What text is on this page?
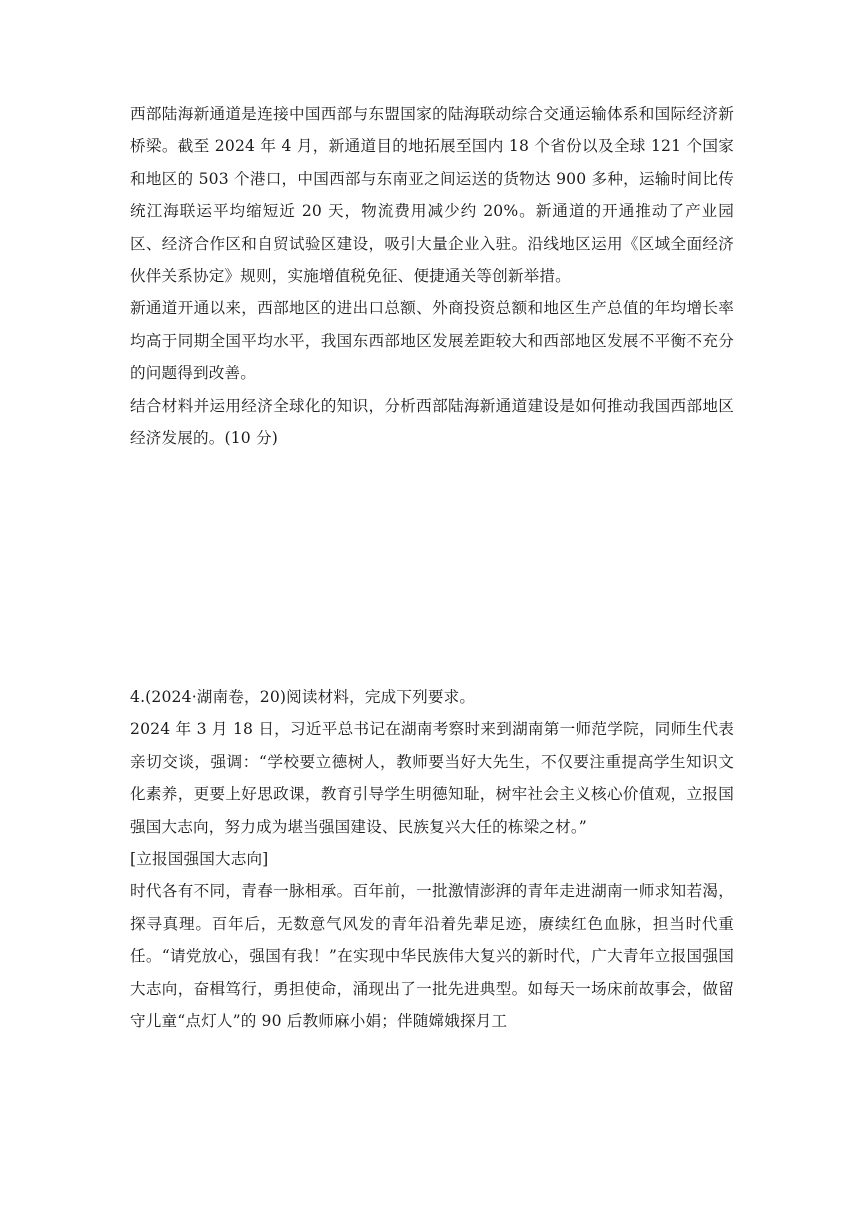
西部陆海新通道是连接中国西部与东盟国家的陆海联动综合交通运输体系和国际经济新桥梁。截至 2024 年 4 月，新通道目的地拓展至国内 18 个省份以及全球 121 个国家和地区的 503 个港口，中国西部与东南亚之间运送的货物达 900 多种，运输时间比传统江海联运平均缩短近 20 天，物流费用减少约 20%。新通道的开通推动了产业园区、经济合作区和自贸试验区建设，吸引大量企业入驻。沿线地区运用《区域全面经济伙伴关系协定》规则，实施增值税免征、便捷通关等创新举措。

新通道开通以来，西部地区的进出口总额、外商投资总额和地区生产总值的年均增长率均高于同期全国平均水平，我国东西部地区发展差距较大和西部地区发展不平衡不充分的问题得到改善。

结合材料并运用经济全球化的知识，分析西部陆海新通道建设是如何推动我国西部地区经济发展的。(10 分)

4.(2024·湖南卷，20)阅读材料，完成下列要求。

2024 年 3 月 18 日，习近平总书记在湖南考察时来到湖南第一师范学院，同师生代表亲切交谈，强调：“学校要立德树人，教师要当好大先生，不仅要注重提高学生知识文化素养，更要上好思政课，教育引导学生明德知耻，树牢社会主义核心价值观，立报国强国大志向，努力成为堪当强国建设、民族复兴大任的栋梁之材。”

[立报国强国大志向]

时代各有不同，青春一脉相承。百年前，一批激情澎湃的青年走进湖南一师求知若渴，探寻真理。百年后，无数意气风发的青年沿着先辈足迹，赓续红色血脉，担当时代重任。“请党放心，强国有我！”在实现中华民族伟大复兴的新时代，广大青年立报国强国大志向，奋楫笃行，勇担使命，涌现出了一批先进典型。如每天一场床前故事会，做留守儿童“点灯人”的 90 后教师麻小娟；伴随嫦娥探月工
